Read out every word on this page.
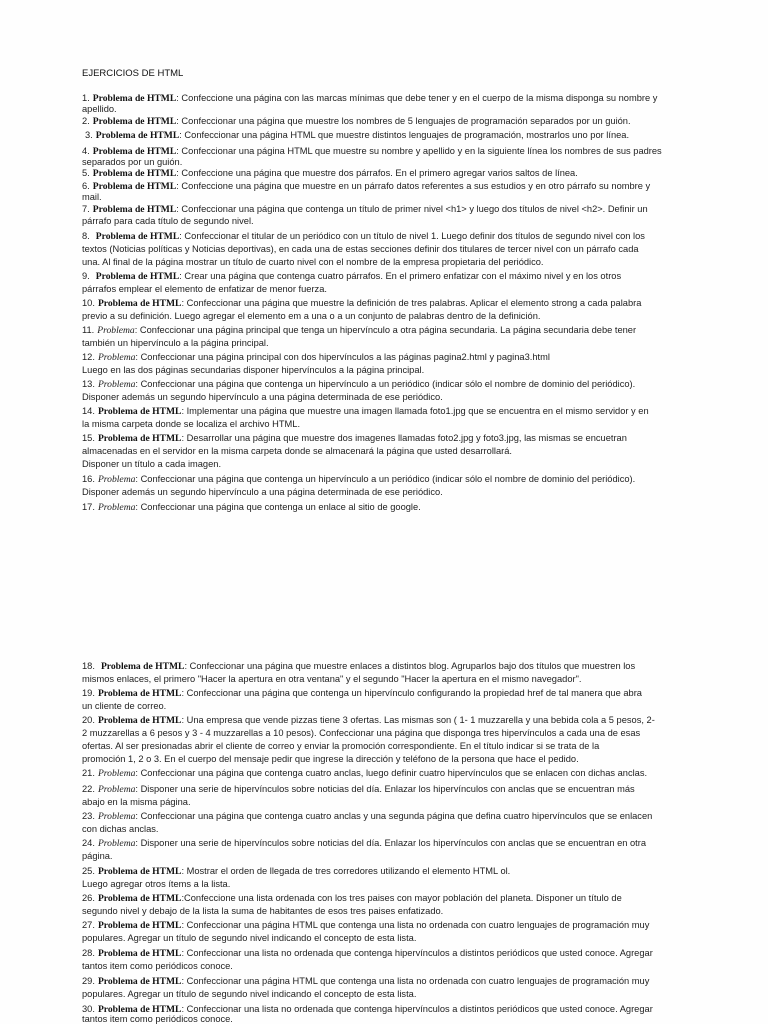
EJERCICIOS DE HTML
1. Problema de HTML: Confeccione una página con las marcas mínimas que debe tener y en el cuerpo de la misma disponga su nombre y
apellido.
2. Problema de HTML: Confeccionar una página que muestre los nombres de 5 lenguajes de programación separados por un guión.
3. Problema de HTML: Confeccionar una página HTML que muestre distintos lenguajes de programación, mostrarlos uno por línea.
4. Problema de HTML: Confeccionar una página HTML que muestre su nombre y apellido y en la siguiente línea los nombres de sus padres
separados por un guión.
5. Problema de HTML: Confeccione una página que muestre dos párrafos. En el primero agregar varios saltos de línea.
6. Problema de HTML: Confeccione una página que muestre en un párrafo datos referentes a sus estudios y en otro párrafo su nombre y
mail.
7. Problema de HTML: Confeccionar una página que contenga un título de primer nivel <h1> y luego dos títulos de nivel <h2>. Definir un
párrafo para cada título de segundo nivel.
8. Problema de HTML: Confeccionar el titular de un periódico con un título de nivel 1. Luego definir dos títulos de segundo nivel con los
textos (Noticias políticas y Noticias deportivas), en cada una de estas secciones definir dos titulares de tercer nivel con un párrafo cada
una. Al final de la página mostrar un título de cuarto nivel con el nombre de la empresa propietaria del periódico.
9. Problema de HTML: Crear una página que contenga cuatro párrafos. En el primero enfatizar con el máximo nivel y en los otros
párrafos emplear el elemento de enfatizar de menor fuerza.
10. Problema de HTML: Confeccionar una página que muestre la definición de tres palabras. Aplicar el elemento strong a cada palabra
previo a su definición. Luego agregar el elemento em a una o a un conjunto de palabras dentro de la definición.
11. Problema: Confeccionar una página principal que tenga un hipervínculo a otra página secundaria. La página secundaria debe tener
también un hipervínculo a la página principal.
12. Problema: Confeccionar una página principal con dos hipervínculos a las páginas pagina2.html y pagina3.html
Luego en las dos páginas secundarias disponer hipervínculos a la página principal.
13. Problema: Confeccionar una página que contenga un hipervínculo a un periódico (indicar sólo el nombre de dominio del periódico).
Disponer además un segundo hipervínculo a una página determinada de ese periódico.
14. Problema de HTML: Implementar una página que muestre una imagen llamada foto1.jpg que se encuentra en el mismo servidor y en
la misma carpeta donde se localiza el archivo HTML.
15. Problema de HTML: Desarrollar una página que muestre dos imagenes llamadas foto2.jpg y foto3.jpg, las mismas se encuetran
almacenadas en el servidor en la misma carpeta donde se almacenará la página que usted desarrollará.
Disponer un título a cada imagen.
16. Problema: Confeccionar una página que contenga un hipervínculo a un periódico (indicar sólo el nombre de dominio del periódico).
Disponer además un segundo hipervínculo a una página determinada de ese periódico.
17. Problema: Confeccionar una página que contenga un enlace al sitio de google.
18. Problema de HTML: Confeccionar una página que muestre enlaces a distintos blog. Agruparlos bajo dos títulos que muestren los
mismos enlaces, el primero "Hacer la apertura en otra ventana" y el segundo "Hacer la apertura en el mismo navegador".
19. Problema de HTML: Confeccionar una página que contenga un hipervínculo configurando la propiedad href de tal manera que abra
un cliente de correo.
20. Problema de HTML: Una empresa que vende pizzas tiene 3 ofertas. Las mismas son ( 1- 1 muzzarella y una bebida cola a 5 pesos, 2-
2 muzzarellas a 6 pesos y 3 - 4 muzzarellas a 10 pesos). Confeccionar una página que disponga tres hipervínculos a cada una de esas
ofertas. Al ser presionadas abrir el cliente de correo y enviar la promoción correspondiente. En el título indicar si se trata de la
promoción 1, 2 o 3. En el cuerpo del mensaje pedir que ingrese la dirección y teléfono de la persona que hace el pedido.
21. Problema: Confeccionar una página que contenga cuatro anclas, luego definir cuatro hipervínculos que se enlacen con dichas anclas.
22. Problema: Disponer una serie de hipervínculos sobre noticias del día. Enlazar los hipervínculos con anclas que se encuentran más
abajo en la misma página.
23. Problema: Confeccionar una página que contenga cuatro anclas y una segunda página que defina cuatro hipervínculos que se enlacen
con dichas anclas.
24. Problema: Disponer una serie de hipervínculos sobre noticias del día. Enlazar los hipervínculos con anclas que se encuentran en otra
página.
25. Problema de HTML: Mostrar el orden de llegada de tres corredores utilizando el elemento HTML ol.
Luego agregar otros ítems a la lista.
26. Problema de HTML:Confeccione una lista ordenada con los tres paises con mayor población del planeta. Disponer un título de
segundo nivel y debajo de la lista la suma de habitantes de esos tres paises enfatizado.
27. Problema de HTML: Confeccionar una página HTML que contenga una lista no ordenada con cuatro lenguajes de programación muy
populares. Agregar un título de segundo nivel indicando el concepto de esta lista.
28. Problema de HTML: Confeccionar una lista no ordenada que contenga hipervínculos a distintos periódicos que usted conoce. Agregar
tantos item como periódicos conoce.
29. Problema de HTML: Confeccionar una página HTML que contenga una lista no ordenada con cuatro lenguajes de programación muy
populares. Agregar un título de segundo nivel indicando el concepto de esta lista.
30. Problema de HTML: Confeccionar una lista no ordenada que contenga hipervínculos a distintos periódicos que usted conoce. Agregar
tantos item como periódicos conoce.
